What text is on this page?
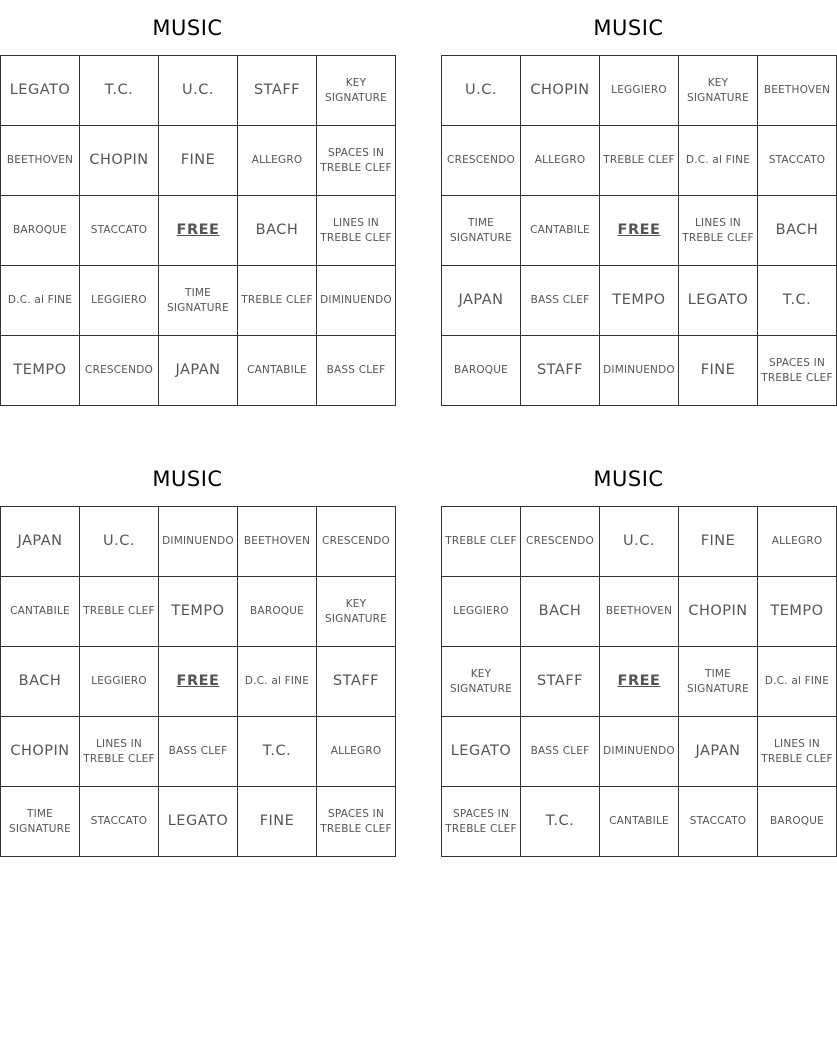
MUSIC
LEGATO	T.C.	U.C.	STAFF	KEY SIGNATURE
BEETHOVEN	CHOPIN	FINE	ALLEGRO	SPACES IN TREBLE CLEF
BAROQUE	STACCATO	FREE	BACH	LINES IN TREBLE CLEF
D.C. al FINE	LEGGIERO	TIME SIGNATURE	TREBLE CLEF	DIMINUENDO
TEMPO	CRESCENDO	JAPAN	CANTABILE	BASS CLEF
MUSIC
U.C.	CHOPIN	LEGGIERO	KEY SIGNATURE	BEETHOVEN
CRESCENDO	ALLEGRO	TREBLE CLEF	D.C. al FINE	STACCATO
TIME SIGNATURE	CANTABILE	FREE	LINES IN TREBLE CLEF	BACH
JAPAN	BASS CLEF	TEMPO	LEGATO	T.C.
BAROQUE	STAFF	DIMINUENDO	FINE	SPACES IN TREBLE CLEF
MUSIC
JAPAN	U.C.	DIMINUENDO	BEETHOVEN	CRESCENDO
CANTABILE	TREBLE CLEF	TEMPO	BAROQUE	KEY SIGNATURE
BACH	LEGGIERO	FREE	D.C. al FINE	STAFF
CHOPIN	LINES IN TREBLE CLEF	BASS CLEF	T.C.	ALLEGRO
TIME SIGNATURE	STACCATO	LEGATO	FINE	SPACES IN TREBLE CLEF
MUSIC
TREBLE CLEF	CRESCENDO	U.C.	FINE	ALLEGRO
LEGGIERO	BACH	BEETHOVEN	CHOPIN	TEMPO
KEY SIGNATURE	STAFF	FREE	TIME SIGNATURE	D.C. al FINE
LEGATO	BASS CLEF	DIMINUENDO	JAPAN	LINES IN TREBLE CLEF
SPACES IN TREBLE CLEF	T.C.	CANTABILE	STACCATO	BAROQUE
